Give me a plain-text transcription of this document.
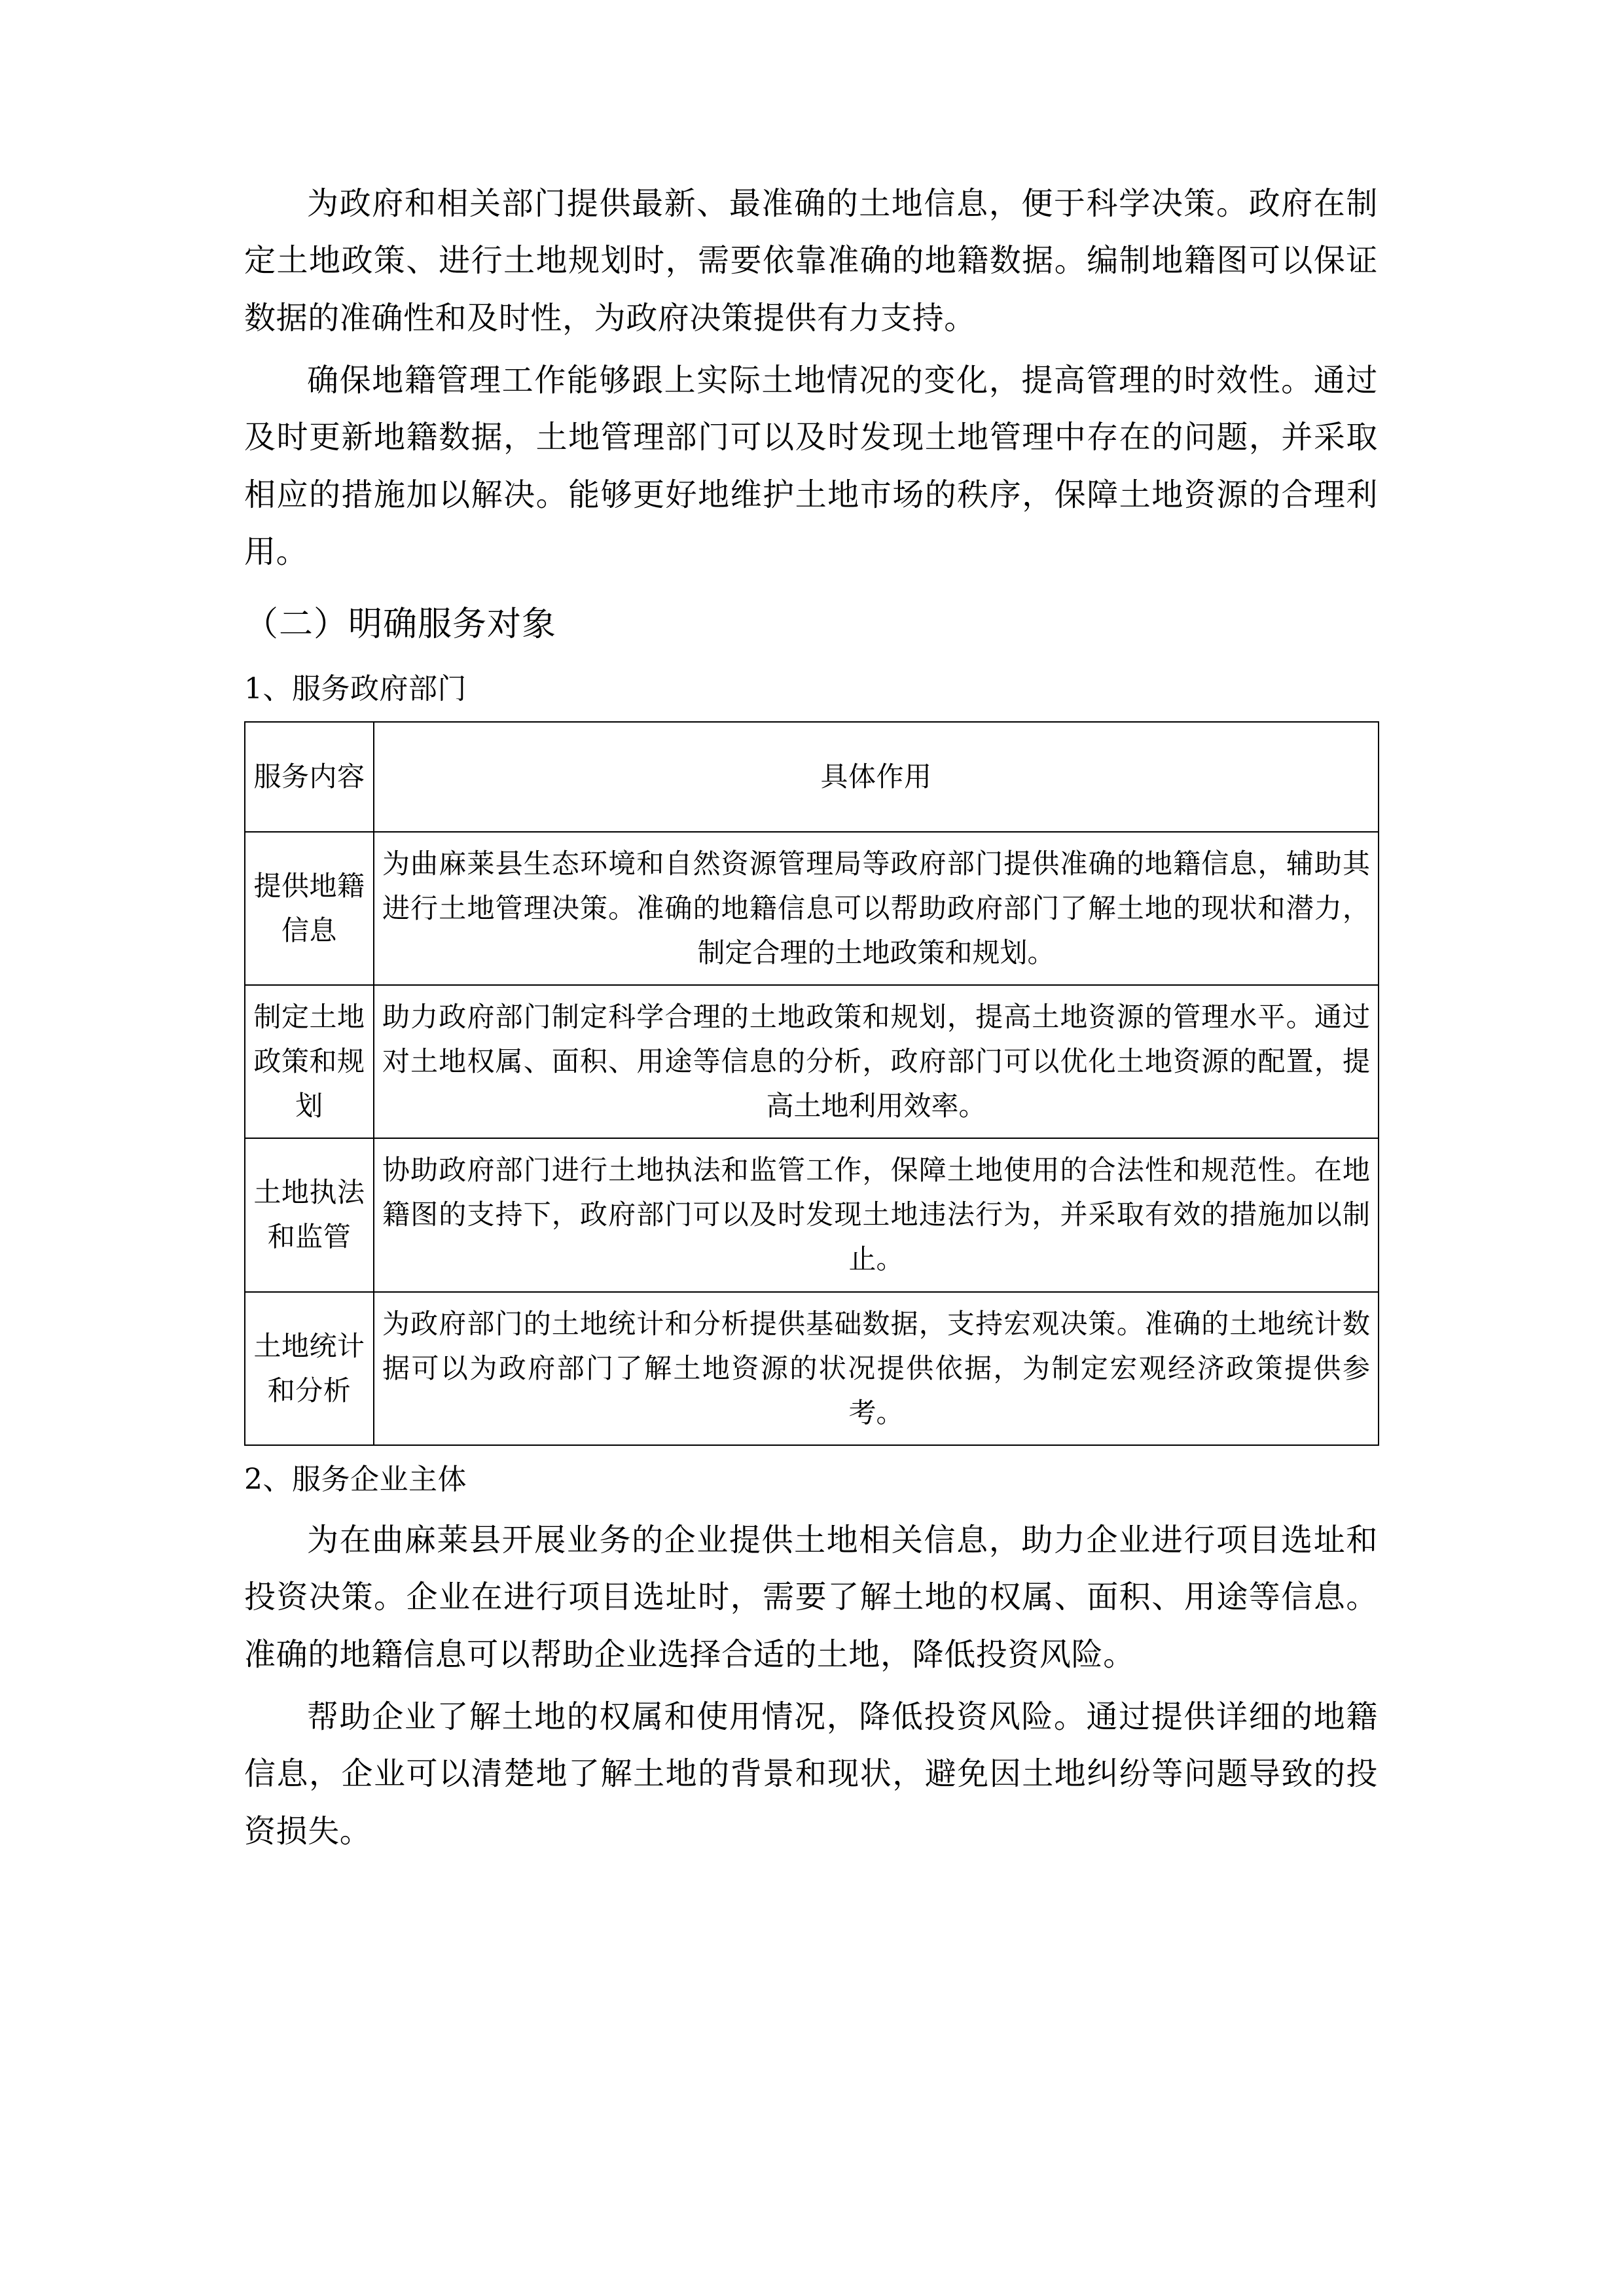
为政府和相关部门提供最新、最准确的土地信息，便于科学决策。政府在制定土地政策、进行土地规划时，需要依靠准确的地籍数据。编制地籍图可以保证数据的准确性和及时性，为政府决策提供有力支持。

确保地籍管理工作能够跟上实际土地情况的变化，提高管理的时效性。通过及时更新地籍数据，土地管理部门可以及时发现土地管理中存在的问题，并采取相应的措施加以解决。能够更好地维护土地市场的秩序，保障土地资源的合理利用。

（二）明确服务对象

1、服务政府部门

服务内容	具体作用
提供地籍信息	为曲麻莱县生态环境和自然资源管理局等政府部门提供准确的地籍信息，辅助其进行土地管理决策。准确的地籍信息可以帮助政府部门了解土地的现状和潜力，制定合理的土地政策和规划。
制定土地政策和规划	助力政府部门制定科学合理的土地政策和规划，提高土地资源的管理水平。通过对土地权属、面积、用途等信息的分析，政府部门可以优化土地资源的配置，提高土地利用效率。
土地执法和监管	协助政府部门进行土地执法和监管工作，保障土地使用的合法性和规范性。在地籍图的支持下，政府部门可以及时发现土地违法行为，并采取有效的措施加以制止。
土地统计和分析	为政府部门的土地统计和分析提供基础数据，支持宏观决策。准确的土地统计数据可以为政府部门了解土地资源的状况提供依据，为制定宏观经济政策提供参考。

2、服务企业主体

为在曲麻莱县开展业务的企业提供土地相关信息，助力企业进行项目选址和投资决策。企业在进行项目选址时，需要了解土地的权属、面积、用途等信息。准确的地籍信息可以帮助企业选择合适的土地，降低投资风险。

帮助企业了解土地的权属和使用情况，降低投资风险。通过提供详细的地籍信息，企业可以清楚地了解土地的背景和现状，避免因土地纠纷等问题导致的投资损失。
